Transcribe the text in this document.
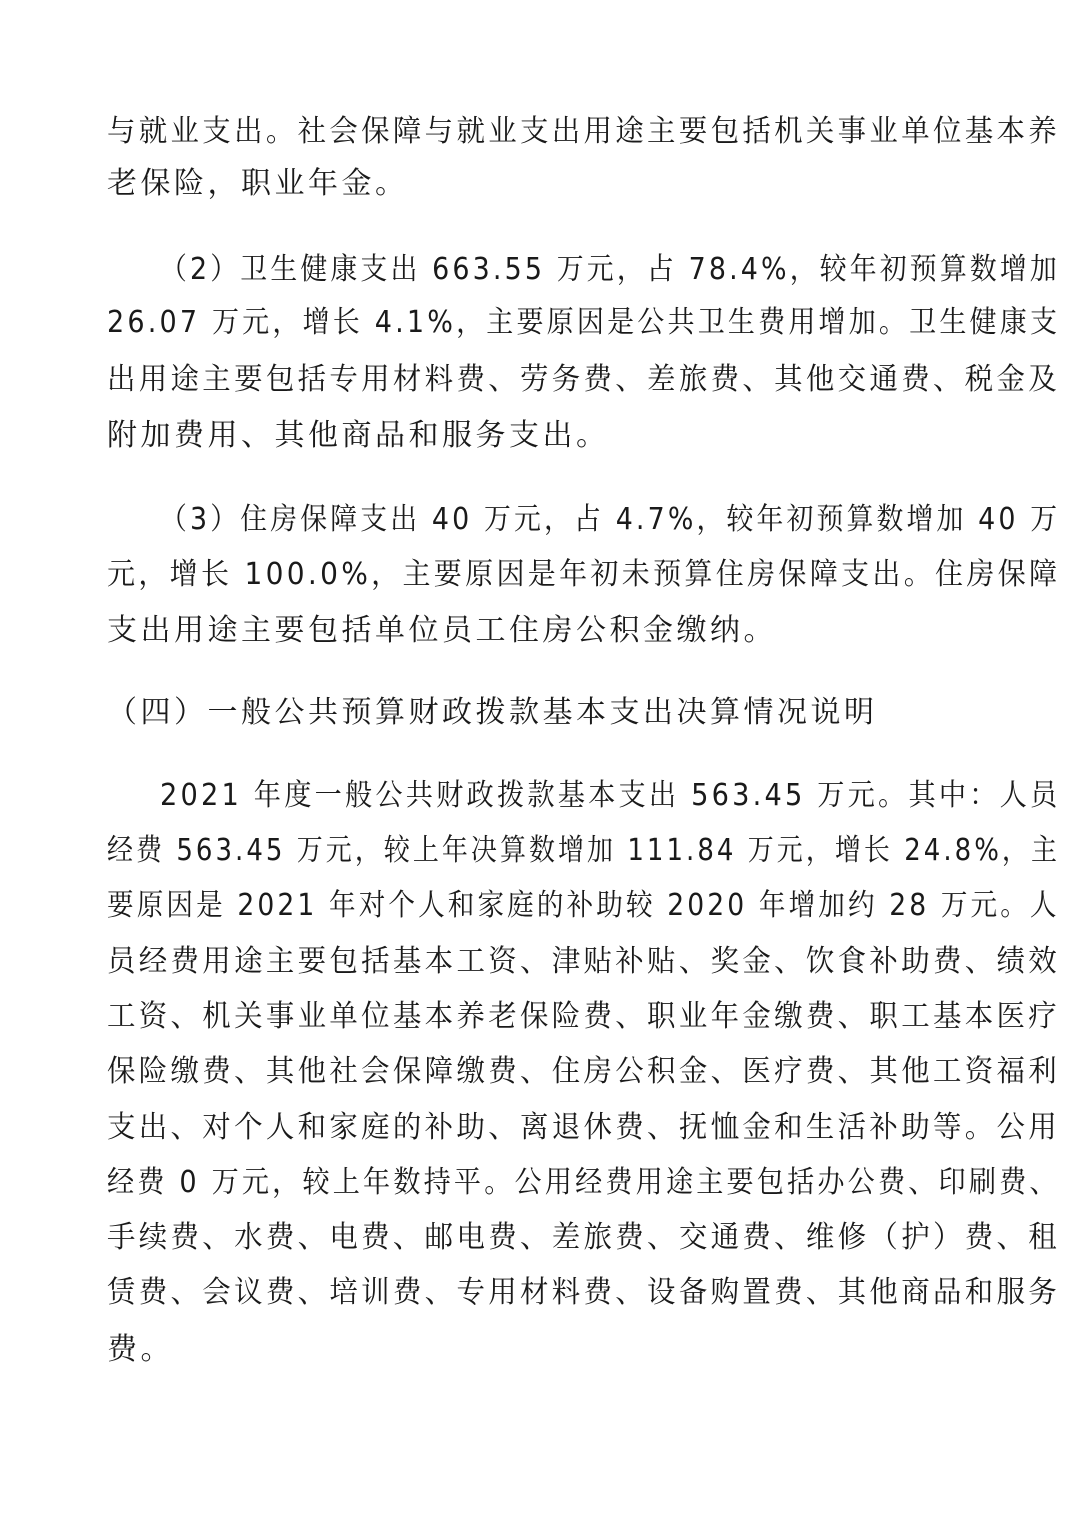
与就业支出。社会保障与就业支出用途主要包括机关事业单位基本养
老保险，职业年金。
（2）卫生健康支出 663.55 万元，占 78.4%，较年初预算数增加
26.07 万元，增长 4.1%，主要原因是公共卫生费用增加。卫生健康支
出用途主要包括专用材料费、劳务费、差旅费、其他交通费、税金及
附加费用、其他商品和服务支出。
（3）住房保障支出 40 万元，占 4.7%，较年初预算数增加 40 万
元，增长 100.0%，主要原因是年初未预算住房保障支出。住房保障
支出用途主要包括单位员工住房公积金缴纳。
（四）一般公共预算财政拨款基本支出决算情况说明
2021 年度一般公共财政拨款基本支出 563.45 万元。其中：人员
经费 563.45 万元，较上年决算数增加 111.84 万元，增长 24.8%，主
要原因是 2021 年对个人和家庭的补助较 2020 年增加约 28 万元。人
员经费用途主要包括基本工资、津贴补贴、奖金、饮食补助费、绩效
工资、机关事业单位基本养老保险费、职业年金缴费、职工基本医疗
保险缴费、其他社会保障缴费、住房公积金、医疗费、其他工资福利
支出、对个人和家庭的补助、离退休费、抚恤金和生活补助等。公用
经费 0 万元，较上年数持平。公用经费用途主要包括办公费、印刷费、
手续费、水费、电费、邮电费、差旅费、交通费、维修（护）费、租
赁费、会议费、培训费、专用材料费、设备购置费、其他商品和服务
费。
